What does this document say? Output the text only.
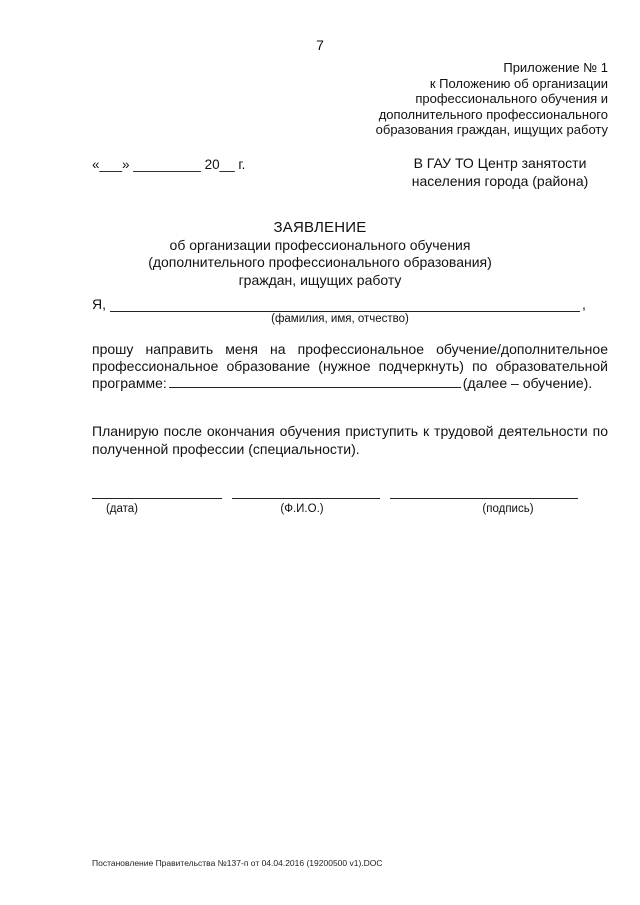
7
Приложение № 1
к Положению об организации
профессионального обучения и
дополнительного профессионального
образования граждан, ищущих работу
«___» _________ 20__ г.	В ГАУ ТО Центр занятости
населения города (района)
ЗАЯВЛЕНИЕ
об организации профессионального обучения
(дополнительного профессионального образования)
граждан, ищущих работу
Я,	,
(фамилия, имя, отчество)
прошу направить меня на профессиональное обучение/дополнительное
профессиональное образование (нужное подчеркнуть) по образовательной
программе:	(далее – обучение).
Планирую после окончания обучения приступить к трудовой деятельности по полученной профессии (специальности).
(дата)	(Ф.И.О.)	(подпись)
Постановление Правительства №137-п от 04.04.2016 (19200500 v1).DOC
